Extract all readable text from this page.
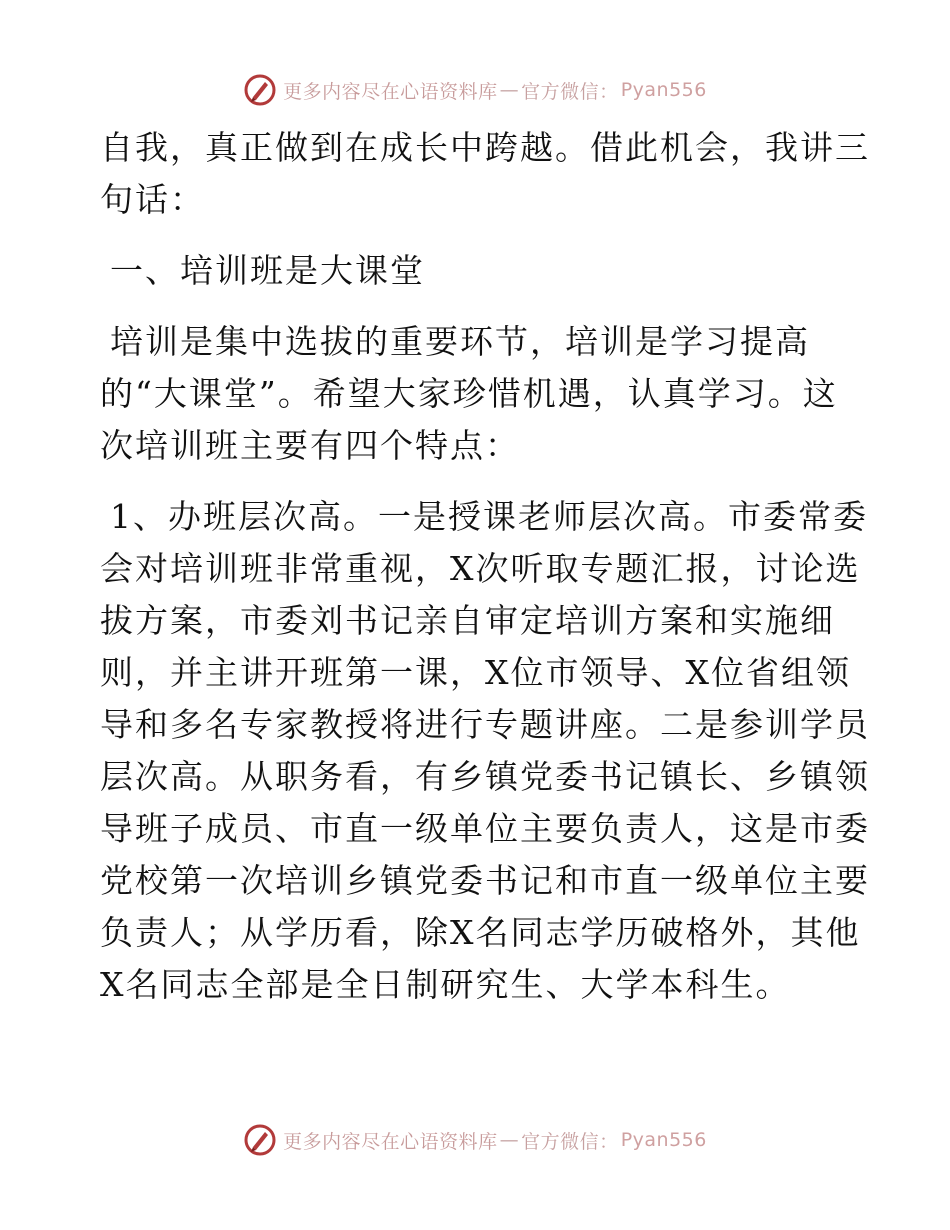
更多内容尽在心语资料库 — 官方微信： Pyan556
自我，真正做到在成长中跨越。借此机会，我讲三
句话：
一、培训班是大课堂
培训是集中选拔的重要环节，培训是学习提高
的“大课堂”。希望大家珍惜机遇，认真学习。这
次培训班主要有四个特点：
1、办班层次高。一是授课老师层次高。市委常委
会对培训班非常重视，X次听取专题汇报，讨论选
拔方案，市委刘书记亲自审定培训方案和实施细
则，并主讲开班第一课，X位市领导、X位省组领
导和多名专家教授将进行专题讲座。二是参训学员
层次高。从职务看，有乡镇党委书记镇长、乡镇领
导班子成员、市直一级单位主要负责人，这是市委
党校第一次培训乡镇党委书记和市直一级单位主要
负责人；从学历看，除X名同志学历破格外，其他
X名同志全部是全日制研究生、大学本科生。
更多内容尽在心语资料库 — 官方微信： Pyan556
